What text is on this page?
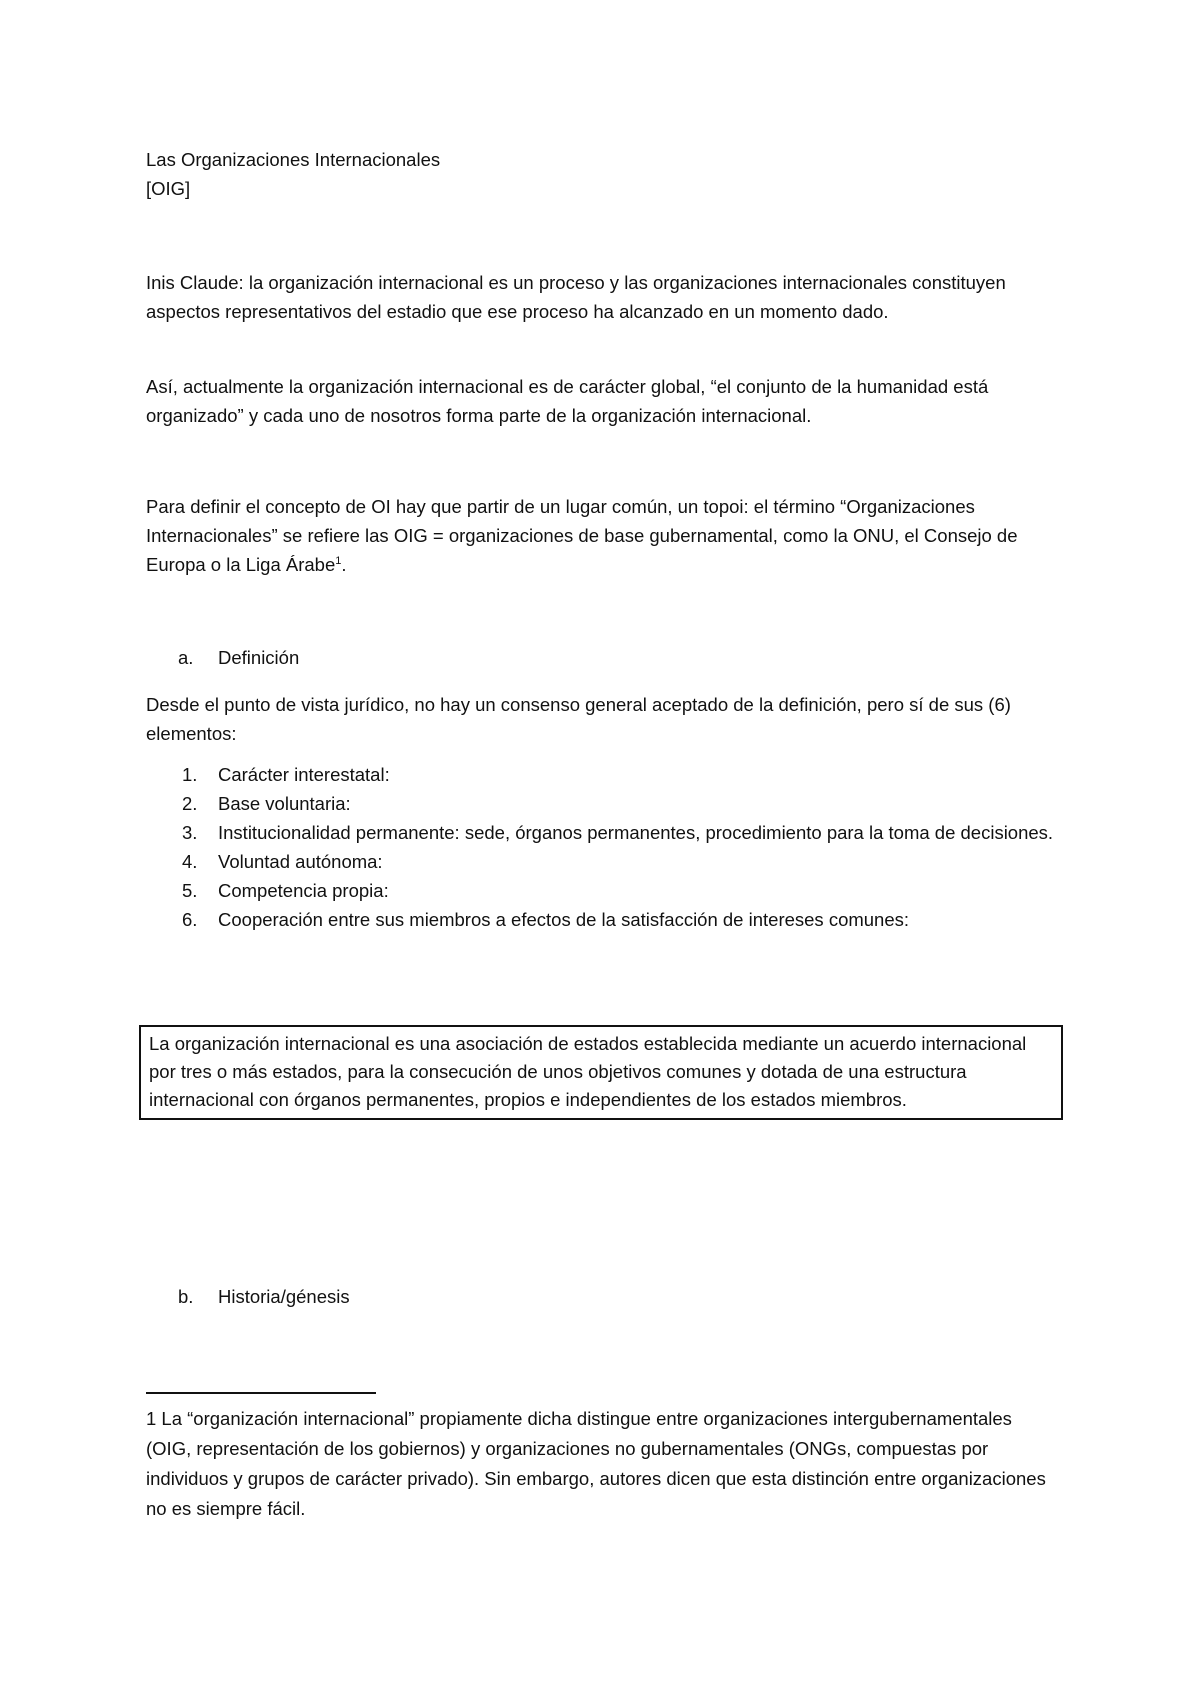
Las Organizaciones Internacionales
[OIG]

Inis Claude: la organización internacional es un proceso y las organizaciones internacionales constituyen aspectos representativos del estadio que ese proceso ha alcanzado en un momento dado.

Así, actualmente la organización internacional es de carácter global, “el conjunto de la humanidad está organizado” y cada uno de nosotros forma parte de la organización internacional.

Para definir el concepto de OI hay que partir de un lugar común, un topoi: el término “Organizaciones Internacionales” se refiere las OIG = organizaciones de base gubernamental, como la ONU, el Consejo de Europa o la Liga Árabe$^1$.

a. Definición

Desde el punto de vista jurídico, no hay un consenso general aceptado de la definición, pero sí de sus (6) elementos:

1. Carácter interestatal:
2. Base voluntaria:
3. Institucionalidad permanente: sede, órganos permanentes, procedimiento para la toma de decisiones.
4. Voluntad autónoma:
5. Competencia propia:
6. Cooperación entre sus miembros a efectos de la satisfacción de intereses comunes:
La organización internacional es una asociación de estados establecida mediante un acuerdo internacional por tres o más estados, para la consecución de unos objetivos comunes y dotada de una estructura internacional con órganos permanentes, propios e independientes de los estados miembros.

b. Historia/génesis

1 La “organización internacional” propiamente dicha distingue entre organizaciones intergubernamentales (OIG, representación de los gobiernos) y organizaciones no gubernamentales (ONGs, compuestas por individuos y grupos de carácter privado). Sin embargo, autores dicen que esta distinción entre organizaciones no es siempre fácil.
